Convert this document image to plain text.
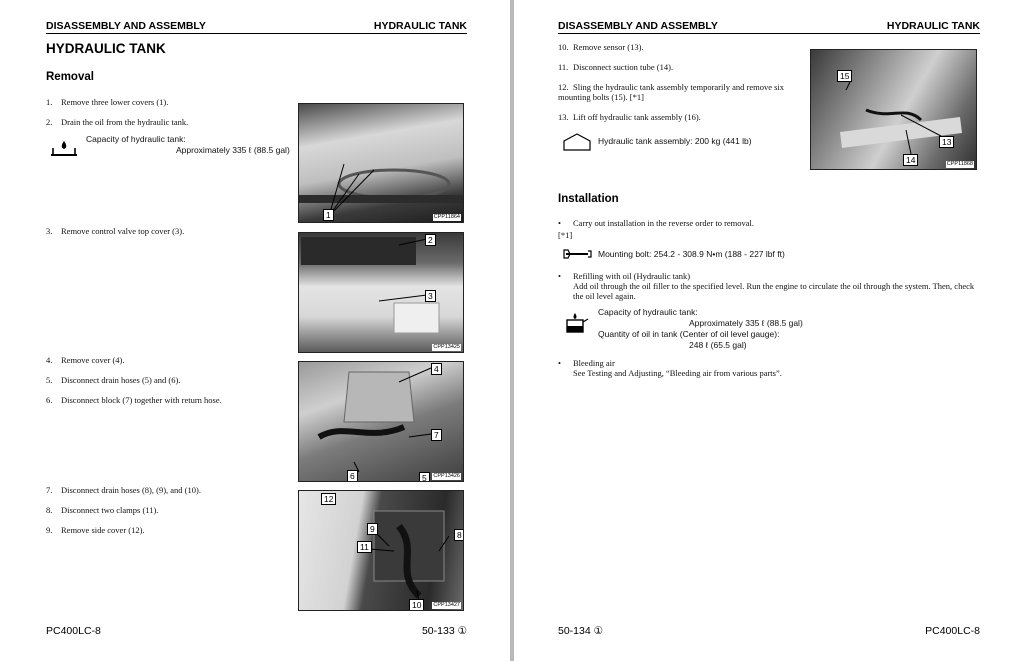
DISASSEMBLY AND ASSEMBLY	HYDRAULIC TANK
HYDRAULIC TANK
Removal
1. Remove three lower covers (1).
2. Drain the oil from the hydraulic tank.
Capacity of hydraulic tank:
Approximately 335 ℓ (88.5 gal)
3. Remove control valve top cover (3).
4. Remove cover (4).
5. Disconnect drain hoses (5) and (6).
6. Disconnect block (7) together with return hose.
7. Disconnect drain hoses (8), (9), and (10).
8. Disconnect two clamps (11).
9. Remove side cover (12).
1	CPP11864
2
3
CPP13425
4
7
6	5	CPP13426
12
9
11
8
10	CPP13427
PC400LC-8	50-133 ①
DISASSEMBLY AND ASSEMBLY	HYDRAULIC TANK
10. Remove sensor (13).
11. Disconnect suction tube (14).
12. Sling the hydraulic tank assembly temporarily and remove six mounting bolts (15). [*1]
13. Lift off hydraulic tank assembly (16).
Hydraulic tank assembly: 200 kg (441 lb)
15
13
14	CPP11868
Installation
• Carry out installation in the reverse order to removal.
[*1]
Mounting bolt: 254.2 - 308.9 N•m (188 - 227 lbf ft)
• Refilling with oil (Hydraulic tank)
Add oil through the oil filler to the specified level. Run the engine to circulate the oil through the system. Then, check the oil level again.
Capacity of hydraulic tank:
Approximately 335 ℓ (88.5 gal)
Quantity of oil in tank (Center of oil level gauge):
248 ℓ (65.5 gal)
• Bleeding air
See Testing and Adjusting, “Bleeding air from various parts”.
50-134 ①	PC400LC-8
